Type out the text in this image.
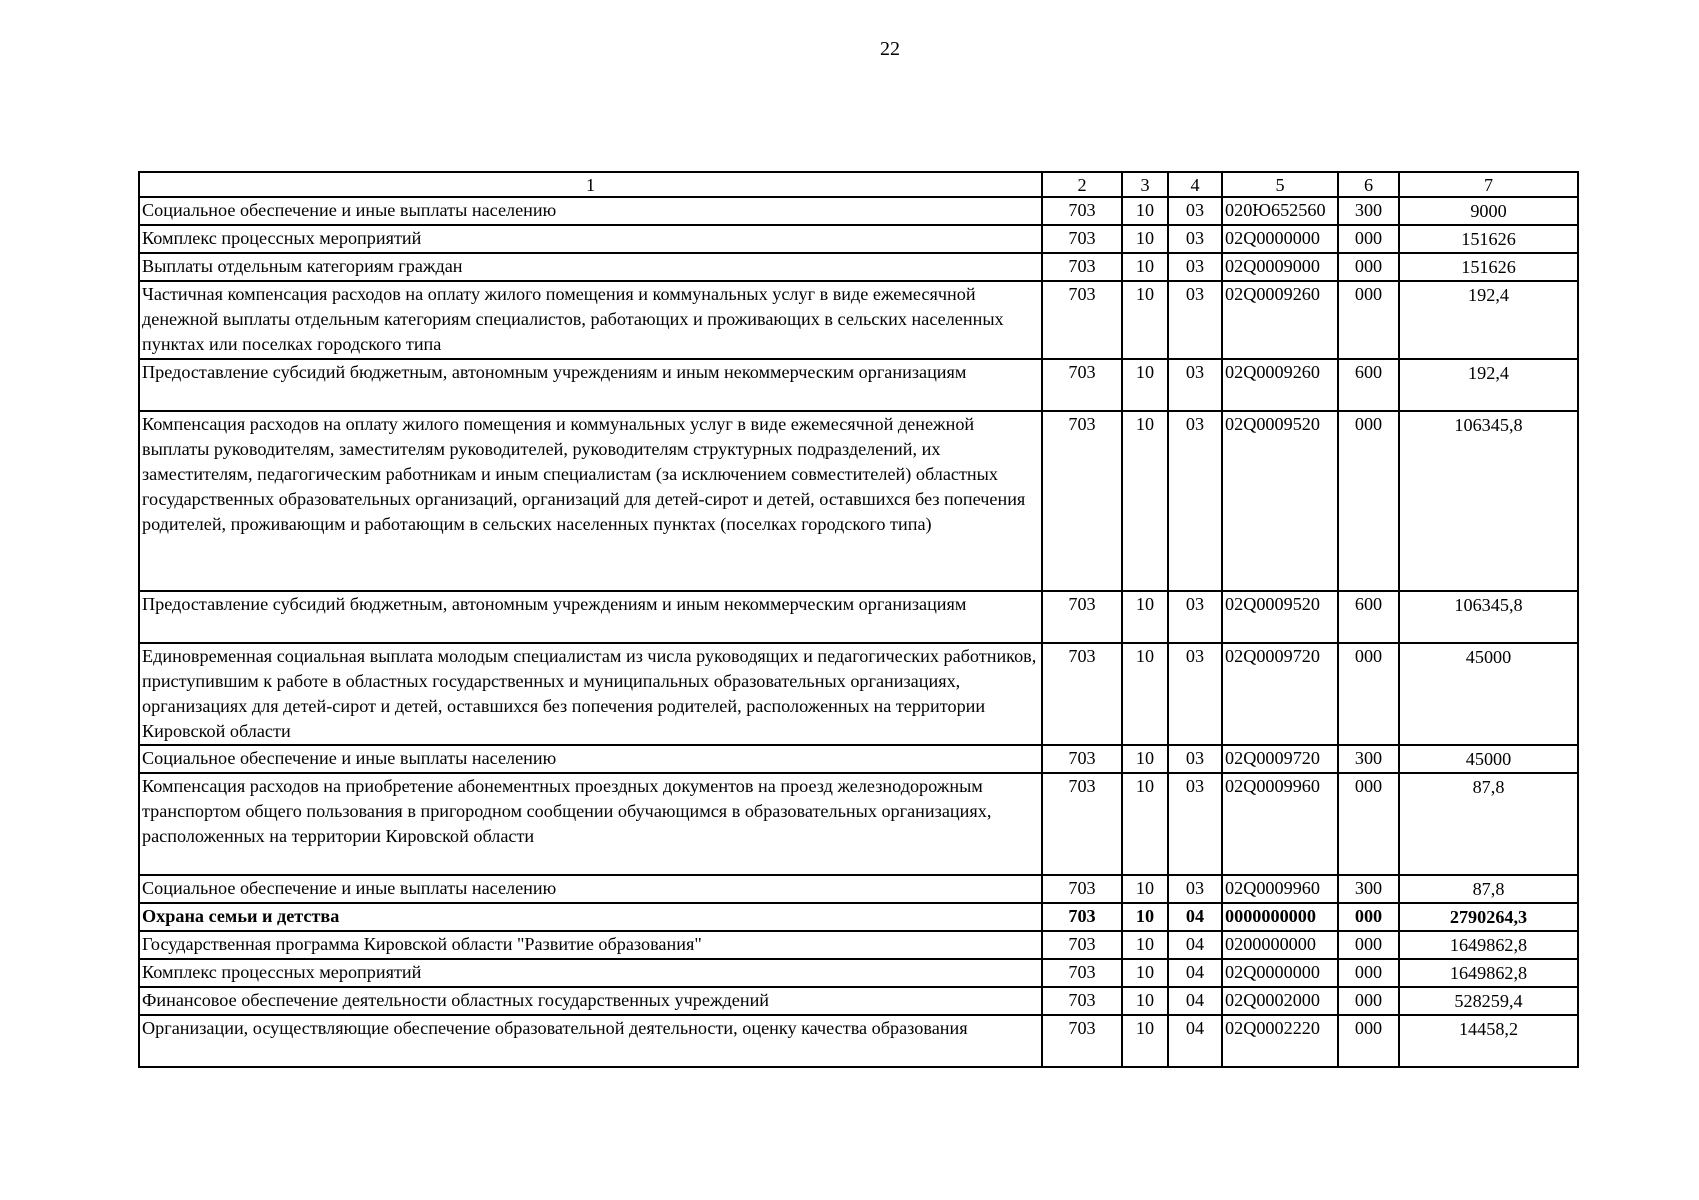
22
1	2	3	4	5	6	7
Социальное обеспечение и иные выплаты населению	703	10	03	020Ю652560	300	9000
Комплекс процессных мероприятий	703	10	03	02Q0000000	000	151626
Выплаты отдельным категориям граждан	703	10	03	02Q0009000	000	151626
Частичная компенсация расходов на оплату жилого помещения и коммунальных услуг в виде ежемесячной денежной выплаты отдельным категориям специалистов, работающих и проживающих в сельских населенных пунктах или поселках городского типа	703	10	03	02Q0009260	000	192,4
Предоставление субсидий бюджетным, автономным учреждениям и иным некоммерческим организациям	703	10	03	02Q0009260	600	192,4
Компенсация расходов на оплату жилого помещения и коммунальных услуг в виде ежемесячной денежной выплаты руководителям, заместителям руководителей, руководителям структурных подразделений, их заместителям, педагогическим работникам и иным специалистам (за исключением совместителей) областных государственных образовательных организаций, организаций для детей-сирот и детей, оставшихся без попечения родителей, проживающим и работающим в сельских населенных пунктах (поселках городского типа)	703	10	03	02Q0009520	000	106345,8
Предоставление субсидий бюджетным, автономным учреждениям и иным некоммерческим организациям	703	10	03	02Q0009520	600	106345,8
Единовременная социальная выплата молодым специалистам из числа руководящих и педагогических работников, приступившим к работе в областных государственных и муниципальных образовательных организациях, организациях для детей-сирот и детей, оставшихся без попечения родителей, расположенных на территории Кировской области	703	10	03	02Q0009720	000	45000
Социальное обеспечение и иные выплаты населению	703	10	03	02Q0009720	300	45000
Компенсация расходов на приобретение абонементных проездных документов на проезд железнодорожным транспортом общего пользования в пригородном сообщении обучающимся в образовательных организациях, расположенных на территории Кировской области	703	10	03	02Q0009960	000	87,8
Социальное обеспечение и иные выплаты населению	703	10	03	02Q0009960	300	87,8
Охрана семьи и детства	703	10	04	0000000000	000	2790264,3
Государственная программа Кировской области "Развитие образования"	703	10	04	0200000000	000	1649862,8
Комплекс процессных мероприятий	703	10	04	02Q0000000	000	1649862,8
Финансовое обеспечение деятельности областных государственных учреждений	703	10	04	02Q0002000	000	528259,4
Организации, осуществляющие обеспечение образовательной деятельности, оценку качества образования	703	10	04	02Q0002220	000	14458,2
